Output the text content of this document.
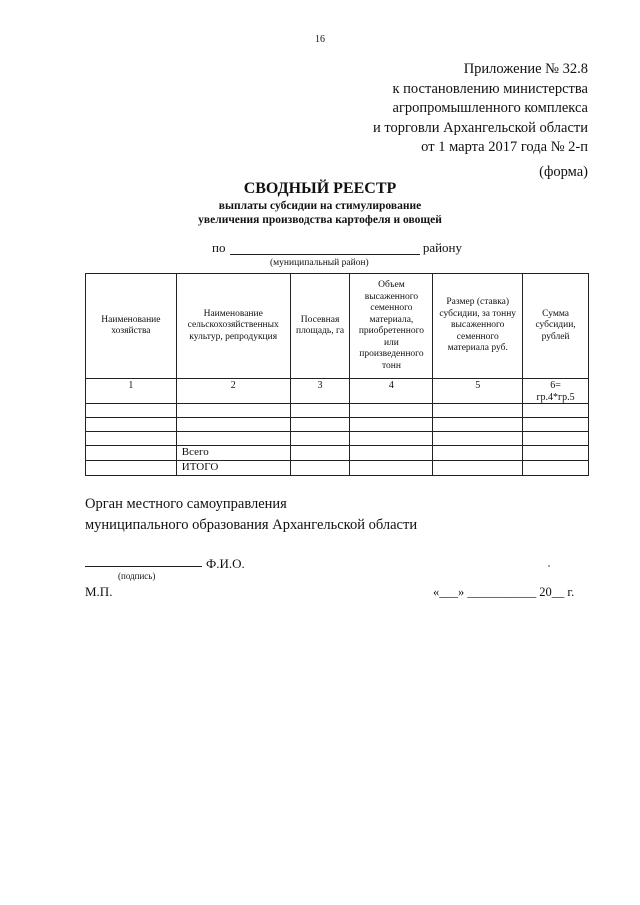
16
Приложение № 32.8
к постановлению министерства
агропромышленного комплекса
и торговли Архангельской области
от 1 марта 2017 года № 2-п
(форма)
СВОДНЫЙ РЕЕСТР
выплаты субсидии на стимулирование
увеличения производства картофеля и овощей
по	району
(муниципальный район)
Наименование хозяйства	Наименование сельскохозяйственных культур, репродукция	Посевная площадь, га	Объем высаженного семенного материала, приобретенного или произведенного тонн	Размер (ставка) субсидии, за тонну высаженного семенного материала руб.	Сумма субсидии, рублей
1	2	3	4	5	6=
гр.4*гр.5

	Всего				
	ИТОГО				
Орган местного самоуправления
муниципального образования Архангельской области
Ф.И.О.
(подпись)
М.П.	«___» ___________ 20__ г.
